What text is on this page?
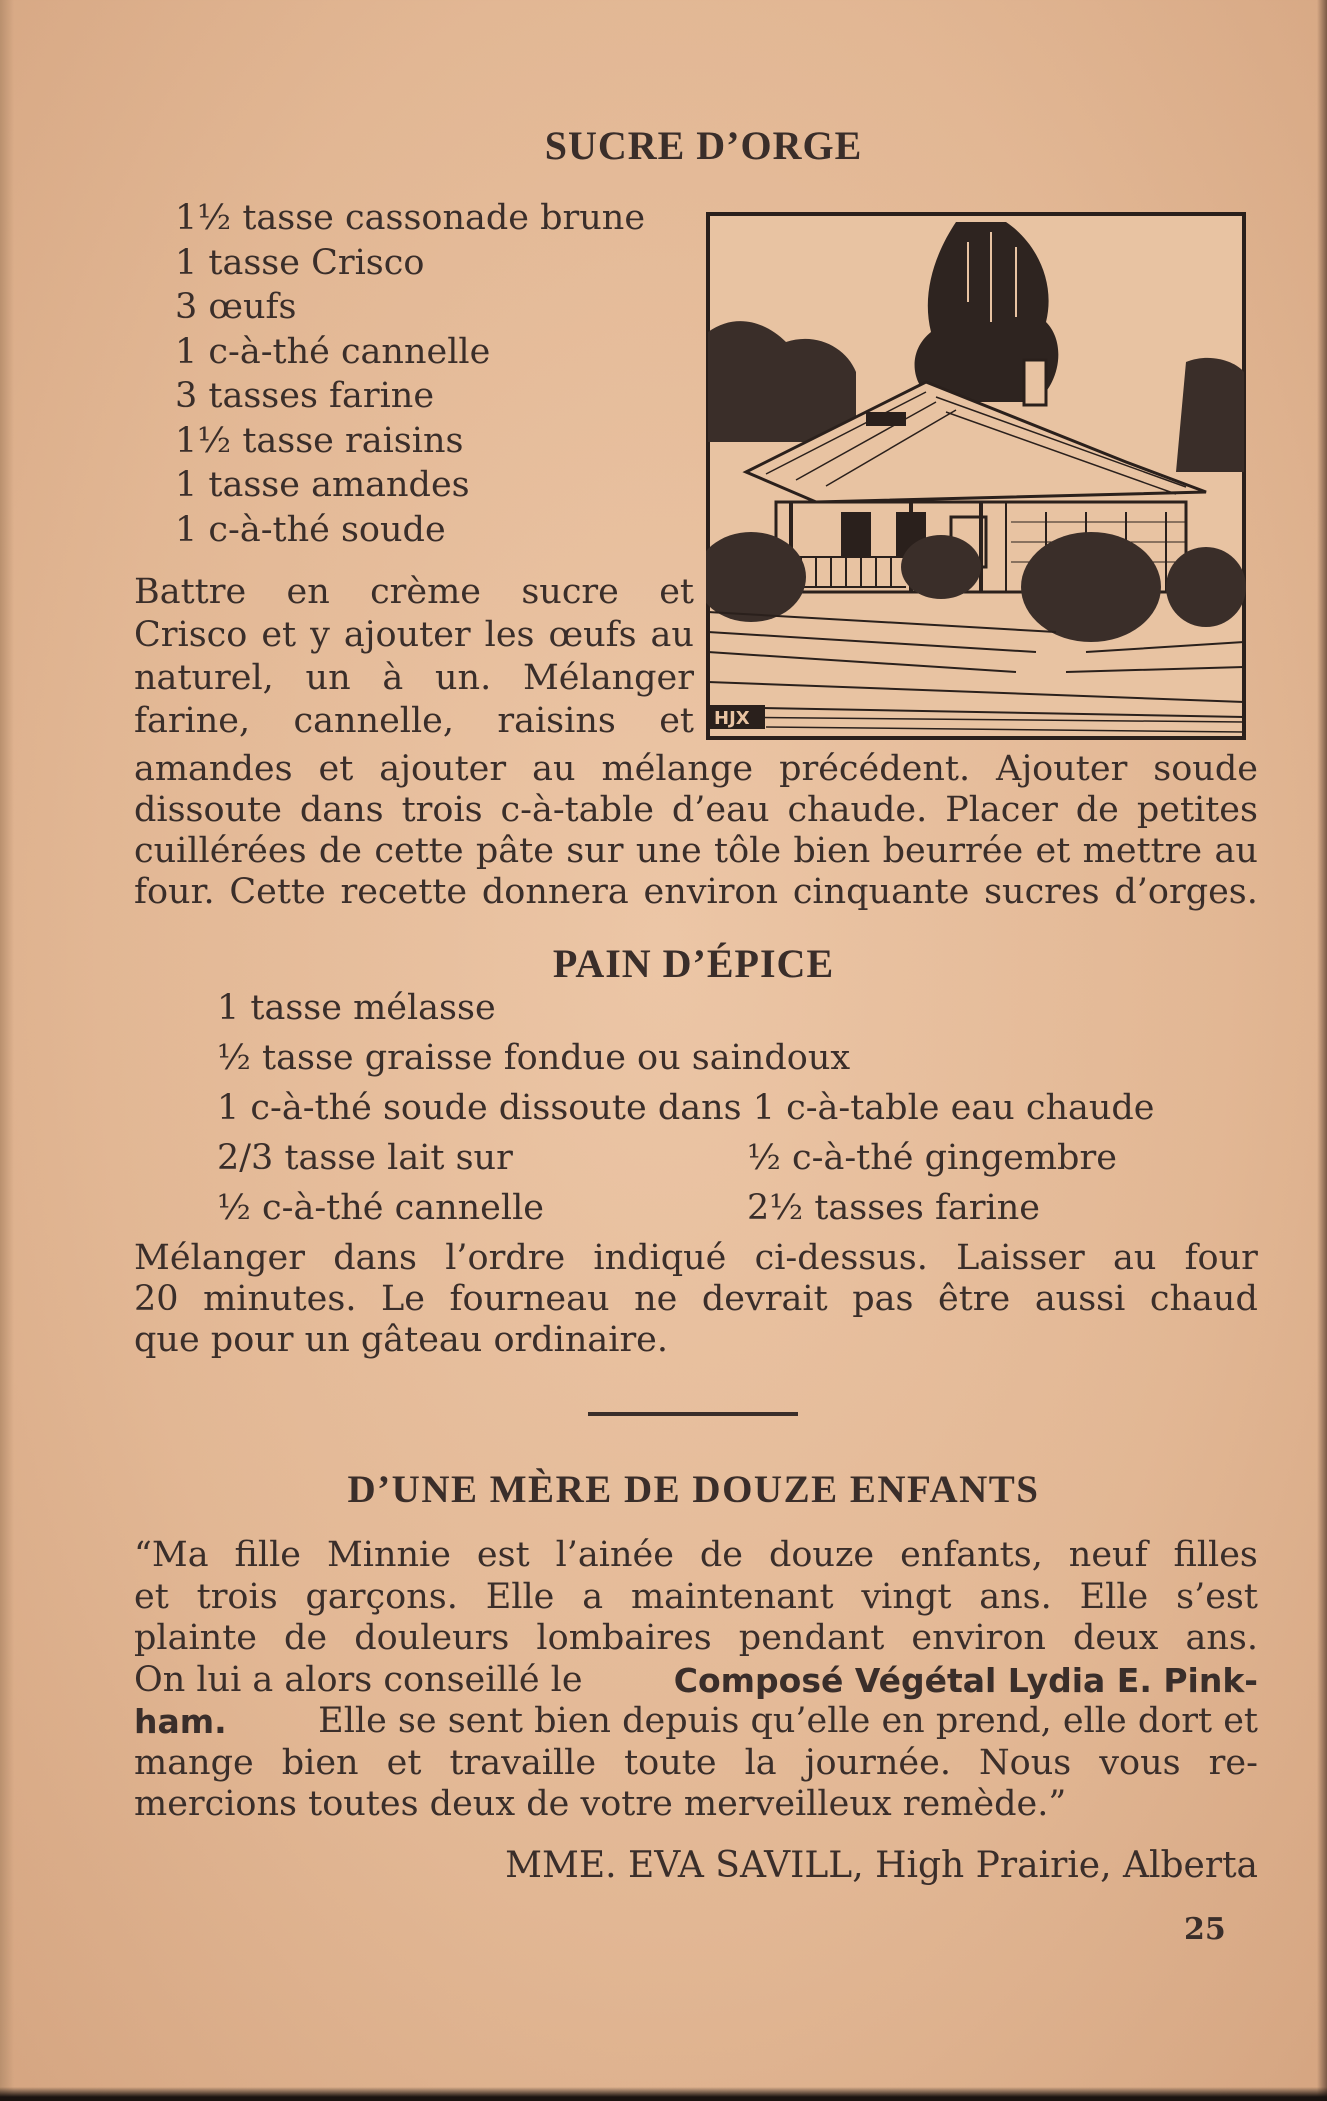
SUCRE D’ORGE
1½ tasse cassonade brune
1 tasse Crisco
3 œufs
1 c-à-thé cannelle
3 tasses farine
1½ tasse raisins
1 tasse amandes
1 c-à-thé soude
HJX
Battre en crème sucre et
Crisco et y ajouter les œufs au
naturel, un à un. Mélanger
farine, cannelle, raisins et
amandes et ajouter au mélange précédent. Ajouter soude
dissoute dans trois c-à-table d’eau chaude. Placer de petites
cuillérées de cette pâte sur une tôle bien beurrée et mettre au
four. Cette recette donnera environ cinquante sucres d’orges.
PAIN D’ÉPICE
1 tasse mélasse
½ tasse graisse fondue ou saindoux
1 c-à-thé soude dissoute dans 1 c-à-table eau chaude
2/3 tasse lait sur	½ c-à-thé gingembre
½ c-à-thé cannelle	2½ tasses farine
Mélanger dans l’ordre indiqué ci-dessus. Laisser au four
20 minutes. Le fourneau ne devrait pas être aussi chaud
que pour un gâteau ordinaire.
D’UNE MÈRE DE DOUZE ENFANTS
“Ma fille Minnie est l’ainée de douze enfants, neuf filles
et trois garçons. Elle a maintenant vingt ans. Elle s’est
plainte de douleurs lombaires pendant environ deux ans.
On lui a alors conseillé le	Composé Végétal Lydia E. Pink-
ham.	Elle se sent bien depuis qu’elle en prend, elle dort et
mange bien et travaille toute la journée. Nous vous re-
mercions toutes deux de votre merveilleux remède.”
MME. EVA SAVILL, High Prairie, Alberta
25
